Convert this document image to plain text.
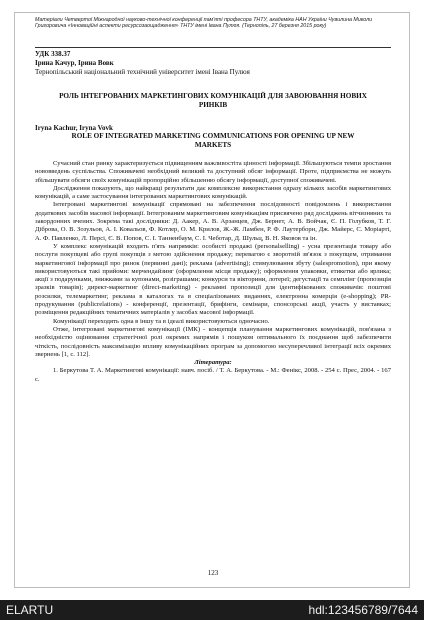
Матеріали Четвертої Міжнародної науково-технічної конференції пам'яті професора ТНТУ, академіка НАН України Чувилина Миколи Григоровича «Інноваційні аспекти ресурсозаощадження» ТНТУ імені Івана Пулюя. (Тернопіль, 27 березня 2015 року)
УДК 338.37
Ірина Качур, Ірина Вовк
Тернопільський національний технічний університет імені Івана Пулюя
РОЛЬ ІНТЕГРОВАНИХ МАРКЕТИНГОВИХ КОМУНІКАЦІЙ ДЛЯ ЗАВОЮВАННЯ НОВИХ РИНКІВ
Iryna Kachur, Iryna Vovk
ROLE OF INTEGRATED MARKETING COMMUNICATIONS FOR OPENING UP NEW MARKETS

Сучасний стан ринку характеризується підвищенням важливостіта цінності інформації. Збільшуються темпи зростання нововведень суспільства. Споживачеві необхідний великий та доступний обсяг інформації. Проте, підприємства не можуть збільшувати обсяги своїх комунікацій пропорційно збільшенню обсягу інформації, доступної споживачеві.

Дослідження показують, що найкращі результати дає комплексне використання одразу кількох засобів маркетингових комунікацій, а саме застосування інтегрованих маркетингових комунікацій.

Інтегровані маркетингові комунікації спрямовані на забезпечення послідовності повідомлень і використання додаткових засобів масової інформації. Інтегрованим маркетинговим комунікаціям присвячено ряд досліджень вітчизняних та закордонних вчених. Зокрема такі дослідники: Д. Аакер, А. В. Арзанцев, Дж. Бернет, А. В. Войчак, Є. П. Голубков, Т. Г. Діброва, О. В. Зозульов, А. І. Ковальов, Ф. Котлер, О. М. Крилов, Ж.-Ж. Ламбен, Р. Ф. Лаутерборн, Дж. Майерс, С. Моріарті, А. Ф. Павленко, Л. Персі, Є. В. Попов, С. І. Танненбаум, С. І. Чеботар, Д. Шульц, В. Н. Яковов та ін.

У комплекс комунікацій входить п'ять напрямків: особисті продажі (personalselling) - усна презентація товару або послуги покупцеві або групі покупців з метою здійснення продажу; перевагою є зворотній зв'язок з покупцем, отримання маркетингової інформації про ринок (первинні дані); реклама (advertising); стимулювання збуту (salespromotion), при якому використовуються такі прийоми: мерчендайзинг (оформлення місця продажу); оформлення упаковки, етикетки або ярлика; акції з подарунками, знижками за купонами, розіграшами; конкурси та вікторини, лотереї; дегустації та семплінг (пропозиція зразків товарів); директ-маркетинг (direct-marketing) - рекламні пропозиції для ідентифікованих споживачів: поштові розсилки, телемаркетинг, реклама в каталогах та в спеціалізованих виданнях, електронна комерція (e-shopping); PR-продукування (publicrelations) - конференції, презентації, брифінги, семінари, спонсорські акції, участь у виставках; розміщення редакційних тематичних матеріалів у засобах масової інформації.

Комунікації переходять одна в іншу та в ідеалі використовуються одночасно.

Отже, інтегровані маркетингові комунікації (ІМК) - концепція планування маркетингових комунікацій, пов'язана з необхідністю оцінювання стратегічної ролі окремих напрямів і пошуком оптимального їх поєднання щоб забезпечити чіткість, послідовність максимізацію впливу комунікаційних програм за допомогою несуперечливої інтеграції всіх окремих звернень [1, с. 112].

Література:

1. Беркутова Т. А. Маркетингові комунікації: навч. посіб. / Т. А. Беркутова. - М.: Фенікс, 2008. - 254 с. Прес, 2004. - 167 с.

123
ELARTU	hdl:123456789/7644
